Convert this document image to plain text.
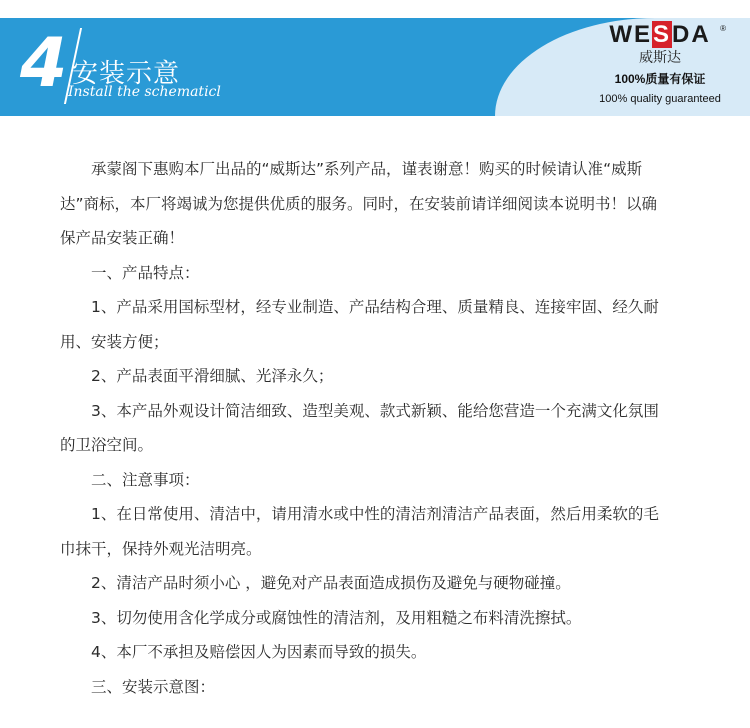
4 安装示意
Install the schematicl
WESDA ®
威斯达
100%质量有保证
100% quality guaranteed

承蒙阁下惠购本厂出品的“威斯达”系列产品，谨表谢意！购买的时候请认准“威斯达”商标，本厂将竭诚为您提供优质的服务。同时，在安装前请详细阅读本说明书！以确保产品安装正确！

一、产品特点：

1、产品采用国标型材，经专业制造、产品结构合理、质量精良、连接牢固、经久耐用、安装方便；

2、产品表面平滑细腻、光泽永久；

3、本产品外观设计简洁细致、造型美观、款式新颖、能给您营造一个充满文化氛围的卫浴空间。

二、注意事项：

1、在日常使用、清洁中，请用清水或中性的清洁剂清洁产品表面，然后用柔软的毛巾抹干，保持外观光洁明亮。

2、清洁产品时须小心 ，避免对产品表面造成损伤及避免与硬物碰撞。

3、切勿使用含化学成分或腐蚀性的清洁剂，及用粗糙之布料清洗擦拭。

4、本厂不承担及赔偿因人为因素而导致的损失。

三、安装示意图：
